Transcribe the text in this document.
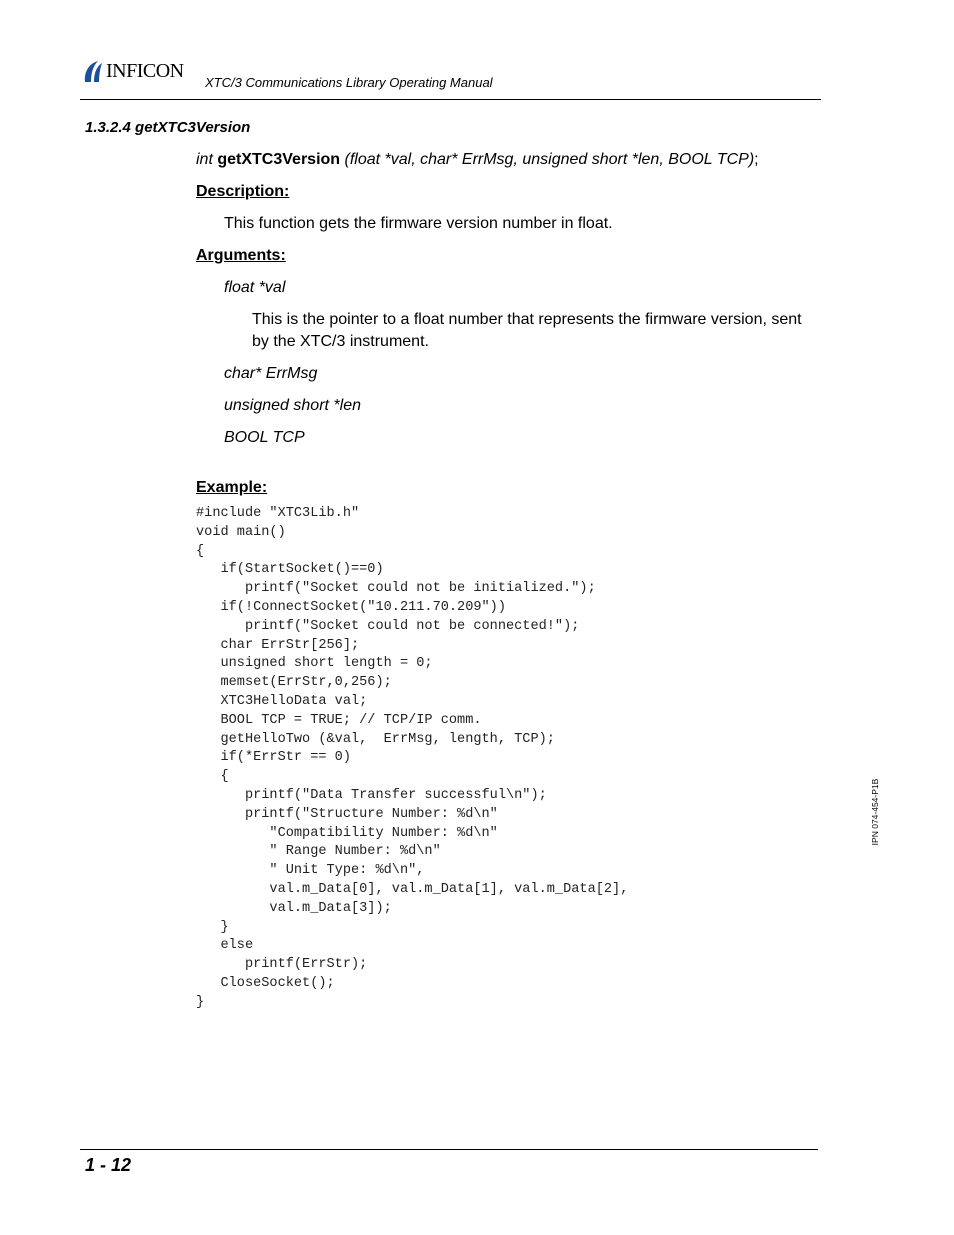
INFICON
XTC/3 Communications Library Operating Manual
1.3.2.4 getXTC3Version
int getXTC3Version (float *val, char* ErrMsg, unsigned short *len, BOOL TCP);
Description:
This function gets the firmware version number in float.
Arguments:
float *val
This is the pointer to a float number that represents the firmware version, sent by the XTC/3 instrument.
char* ErrMsg
unsigned short *len
BOOL TCP
Example:
#include "XTC3Lib.h"
void main()
{
if(StartSocket()==0)
printf("Socket could not be initialized.");
if(!ConnectSocket("10.211.70.209"))
printf("Socket could not be connected!");
char ErrStr[256];
unsigned short length = 0;
memset(ErrStr,0,256);
XTC3HelloData val;
BOOL TCP = TRUE; // TCP/IP comm.
getHelloTwo (&val,  ErrMsg, length, TCP);
if(*ErrStr == 0)
{
printf("Data Transfer successful\n");
printf("Structure Number: %d\n"
"Compatibility Number: %d\n"
" Range Number: %d\n"
" Unit Type: %d\n",
val.m_Data[0], val.m_Data[1], val.m_Data[2],
val.m_Data[3]);
}
else
printf(ErrStr);
CloseSocket();
}
IPN 074-454-P1B
1 - 12
